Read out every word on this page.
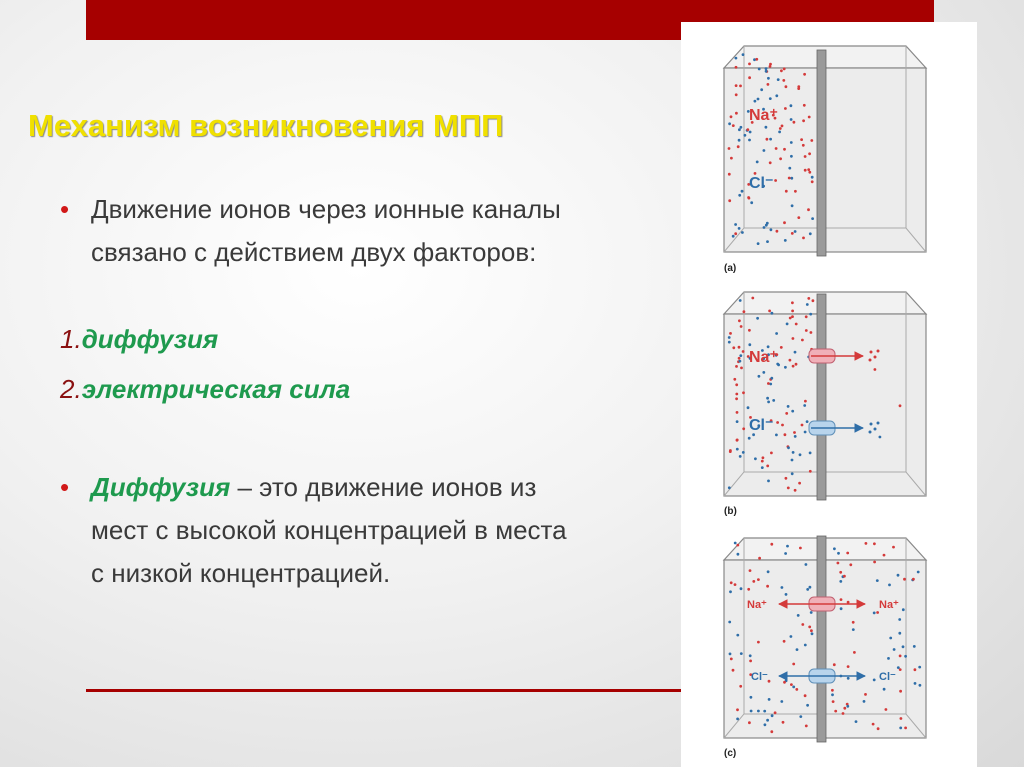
Механизм возникновения МПП
• Движение ионов через ионные каналы связано с действием двух факторов:
1.диффузия
2.электрическая сила
• Диффузия – это движение ионов из мест с высокой концентрацией в места с низкой концентрацией.
Na⁺
Cl⁻
(a)
Na⁺
Cl⁻
(b)
Na⁺	Na⁺
Cl⁻	Cl⁻
(c)
